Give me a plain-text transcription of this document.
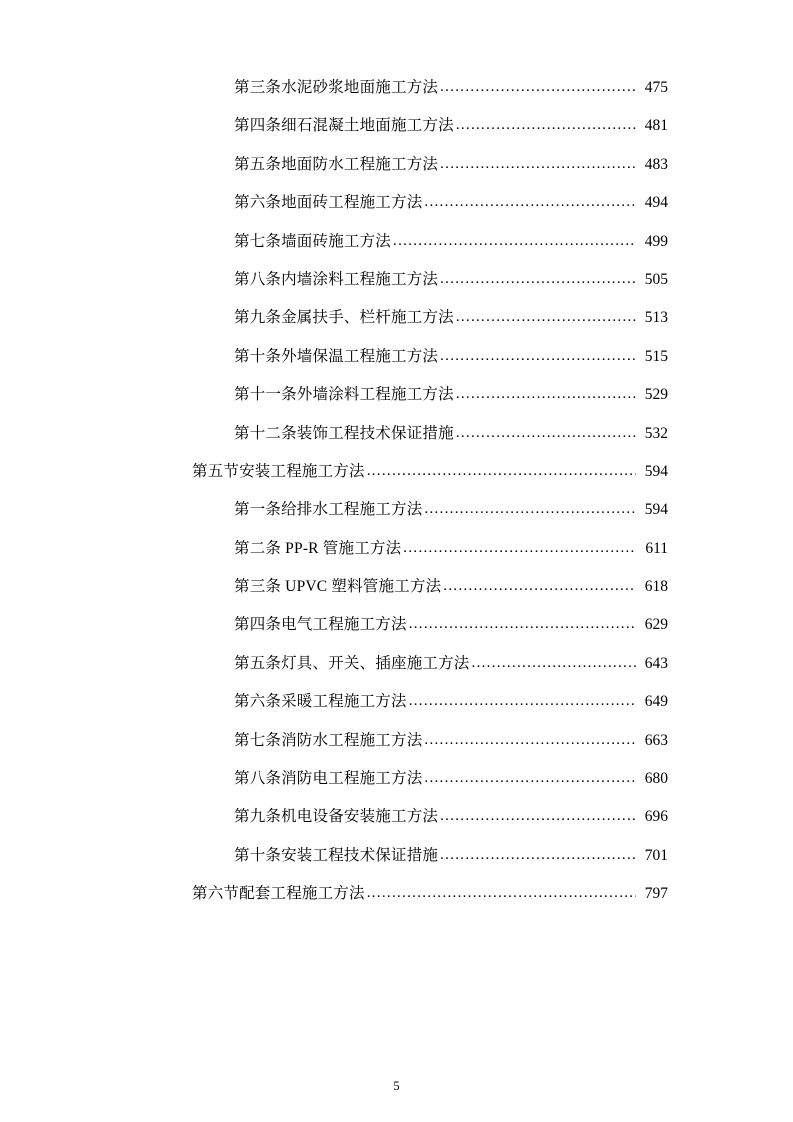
第三条水泥砂浆地面施工方法 .....	475
第四条细石混凝土地面施工方法 .....	481
第五条地面防水工程施工方法 .....	483
第六条地面砖工程施工方法 .....	494
第七条墙面砖施工方法 .....	499
第八条内墙涂料工程施工方法 .....	505
第九条金属扶手、栏杆施工方法 .....	513
第十条外墙保温工程施工方法 .....	515
第十一条外墙涂料工程施工方法 .....	529
第十二条装饰工程技术保证措施 .....	532
第五节安装工程施工方法 .....	594
第一条给排水工程施工方法 .....	594
第二条 PP-R 管施工方法 .....	611
第三条 UPVC 塑料管施工方法 .....	618
第四条电气工程施工方法 .....	629
第五条灯具、开关、插座施工方法 .....	643
第六条采暖工程施工方法 .....	649
第七条消防水工程施工方法 .....	663
第八条消防电工程施工方法 .....	680
第九条机电设备安装施工方法 .....	696
第十条安装工程技术保证措施 .....	701
第六节配套工程施工方法 .....	797
5
